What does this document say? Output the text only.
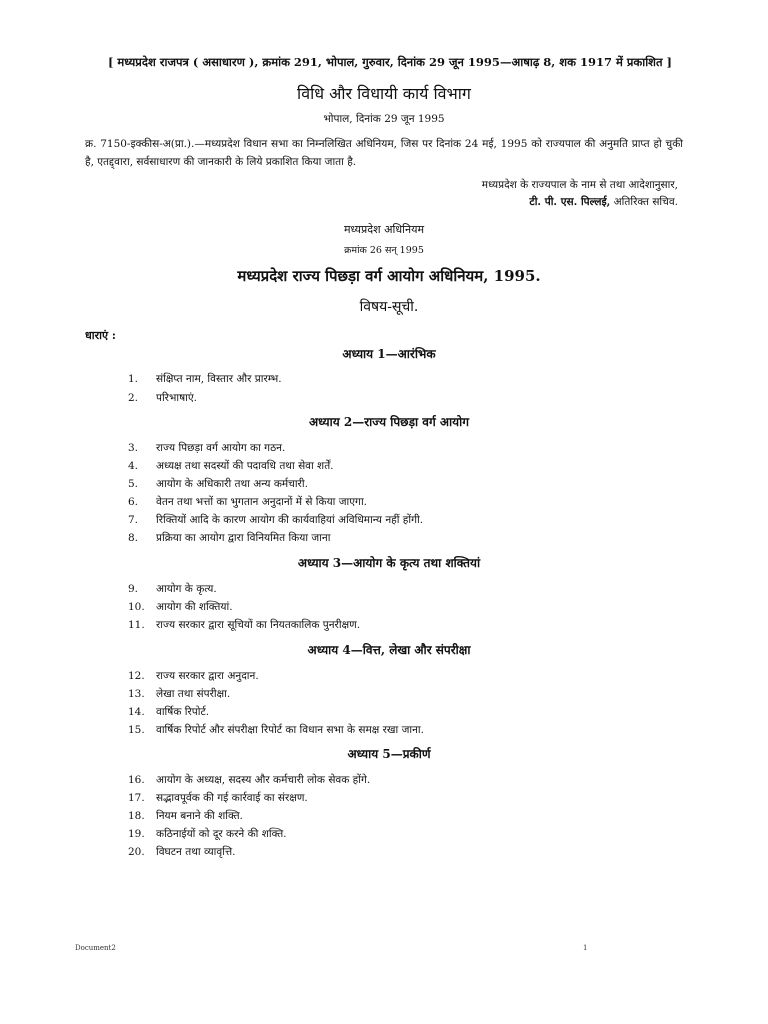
[ मध्यप्रदेश राजपत्र ( असाधारण ), क्रमांक 291, भोपाल, गुरुवार, दिनांक 29 जून 1995—आषाढ़ 8, शक 1917 में प्रकाशित ]
विधि और विधायी कार्य विभाग
भोपाल, दिनांक 29 जून 1995
क्र. 7150-इक्कीस-अ(प्रा.).—मध्यप्रदेश विधान सभा का निम्नलिखित अधिनियम, जिस पर दिनांक 24 मई, 1995 को राज्यपाल की अनुमति प्राप्त हो चुकी है, एतद्द्वारा, सर्वसाधारण की जानकारी के लिये प्रकाशित किया जाता है.
मध्यप्रदेश के राज्यपाल के नाम से तथा आदेशानुसार,
टी. पी. एस. पिल्लई, अतिरिक्त सचिव.
मध्यप्रदेश अधिनियम
क्रमांक 26 सन् 1995
मध्यप्रदेश राज्य पिछड़ा वर्ग आयोग अधिनियम, 1995.
विषय-सूची.
धाराएं :
अध्याय 1—आरंभिक
1. संक्षिप्त नाम, विस्तार और प्रारम्भ.
2. परिभाषाएं.
अध्याय 2—राज्य पिछड़ा वर्ग आयोग
3. राज्य पिछड़ा वर्ग आयोग का गठन.
4. अध्यक्ष तथा सदस्यों की पदावधि तथा सेवा शर्तें.
5. आयोग के अधिकारी तथा अन्य कर्मचारी.
6. वेतन तथा भत्तों का भुगतान अनुदानों में से किया जाएगा.
7. रिक्तियों आदि के कारण आयोग की कार्यवाहियां अविधिमान्य नहीं होंगी.
8. प्रक्रिया का आयोग द्वारा विनियमित किया जाना
अध्याय 3—आयोग के कृत्य तथा शक्तियां
9. आयोग के कृत्य.
10. आयोग की शक्तियां.
11. राज्य सरकार द्वारा सूचियों का नियतकालिक पुनरीक्षण.
अध्याय 4—वित्त, लेखा और संपरीक्षा
12. राज्य सरकार द्वारा अनुदान.
13. लेखा तथा संपरीक्षा.
14. वार्षिक रिपोर्ट.
15. वार्षिक रिपोर्ट और संपरीक्षा रिपोर्ट का विधान सभा के समक्ष रखा जाना.
अध्याय 5—प्रकीर्ण
16. आयोग के अध्यक्ष, सदस्य और कर्मचारी लोक सेवक होंगे.
17. सद्भावपूर्वक की गई कार्रवाई का संरक्षण.
18. नियम बनाने की शक्ति.
19. कठिनाईयों को दूर करने की शक्ति.
20. विघटन तथा व्यावृत्ति.
Document2	1
